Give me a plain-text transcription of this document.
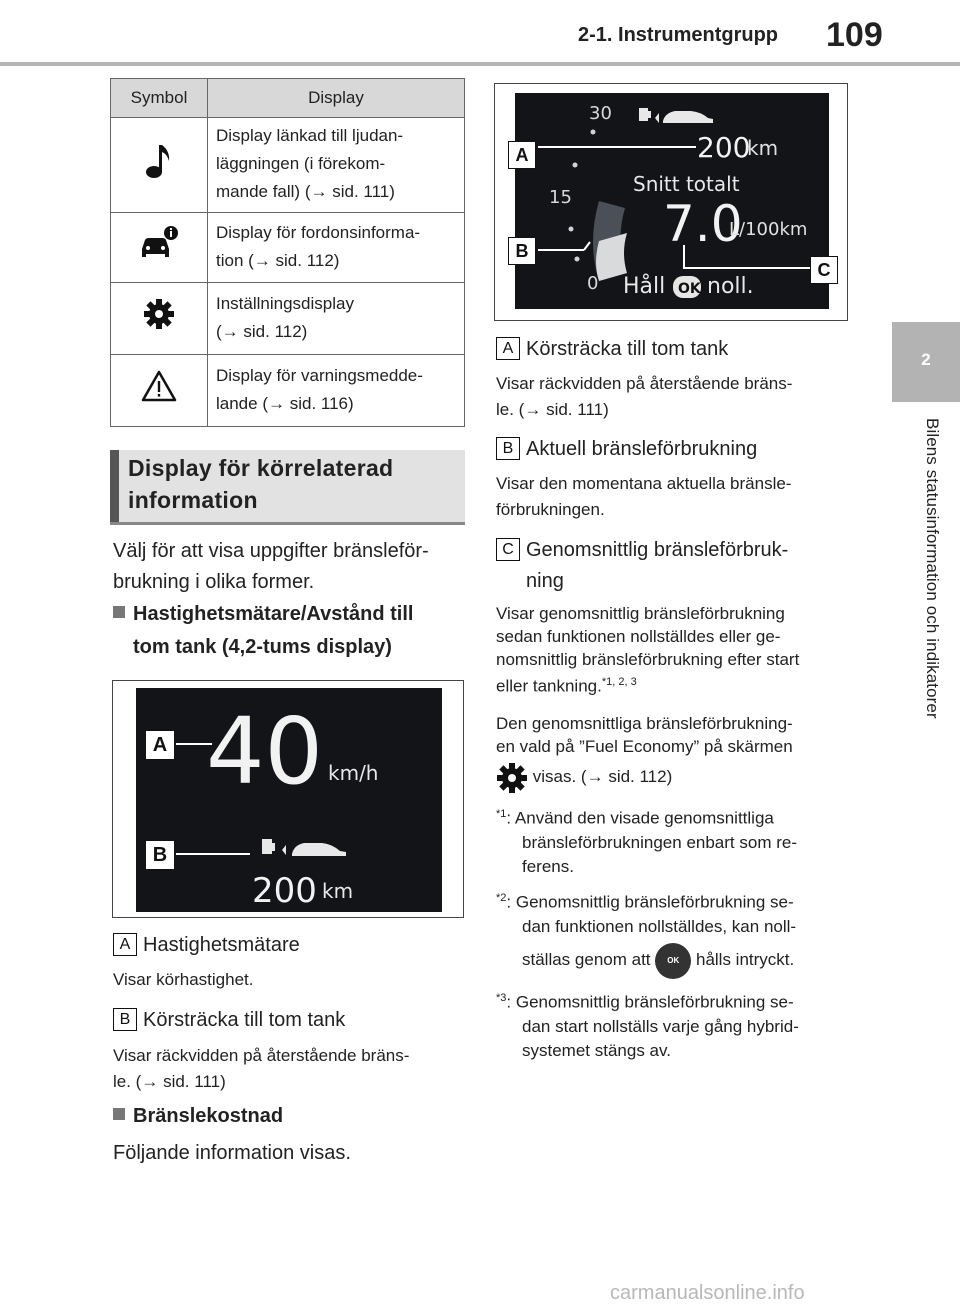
2-1. Instrumentgrupp 109
2
Bilens statusinformation och indikatorer
Symbol	Display
	Display länkad till ljudan-
läggningen (i förekom-
mande fall) (→ sid. 111)
	Display för fordonsinforma-
tion (→ sid. 112)
	Inställningsdisplay
(→ sid. 112)
	Display för varningsmedde-
lande (→ sid. 116)
Display för körrelaterad
information
Välj för att visa uppgifter bränsleför-
brukning i olika former.
Hastighetsmätare/Avstånd till
tom tank (4,2-tums display)
40 km/h
200 km
A
B
A Hastighetsmätare
Visar körhastighet.
B Körsträcka till tom tank
Visar räckvidden på återstående bräns-
le. (→ sid. 111)
Bränslekostnad
Följande information visas.
30
15
0
200
km
Snitt totalt
7.0
L/100km
Håll OK noll.
A
B
C
A Körsträcka till tom tank
Visar räckvidden på återstående bräns-
le. (→ sid. 111)
B Aktuell bränsleförbrukning
Visar den momentana aktuella bränsle-
förbrukningen.
C Genomsnittlig bränsleförbruk-
ning
Visar genomsnittlig bränsleförbrukning
sedan funktionen nollställdes eller ge-
nomsnittlig bränsleförbrukning efter start
eller tankning.$^{*1, 2, 3}$
Den genomsnittliga bränsleförbrukning-
en vald på ”Fuel Economy” på skärmen
visas. (→ sid. 112)
$^{*1}$: Använd den visade genomsnittliga
bränsleförbrukningen enbart som re-
ferens.
$^{*2}$: Genomsnittlig bränsleförbrukning se-
dan funktionen nollställdes, kan noll-
ställas genom att OK hålls intryckt.
$^{*3}$: Genomsnittlig bränsleförbrukning se-
dan start nollställs varje gång hybrid-
systemet stängs av.
carmanualsonline.info
